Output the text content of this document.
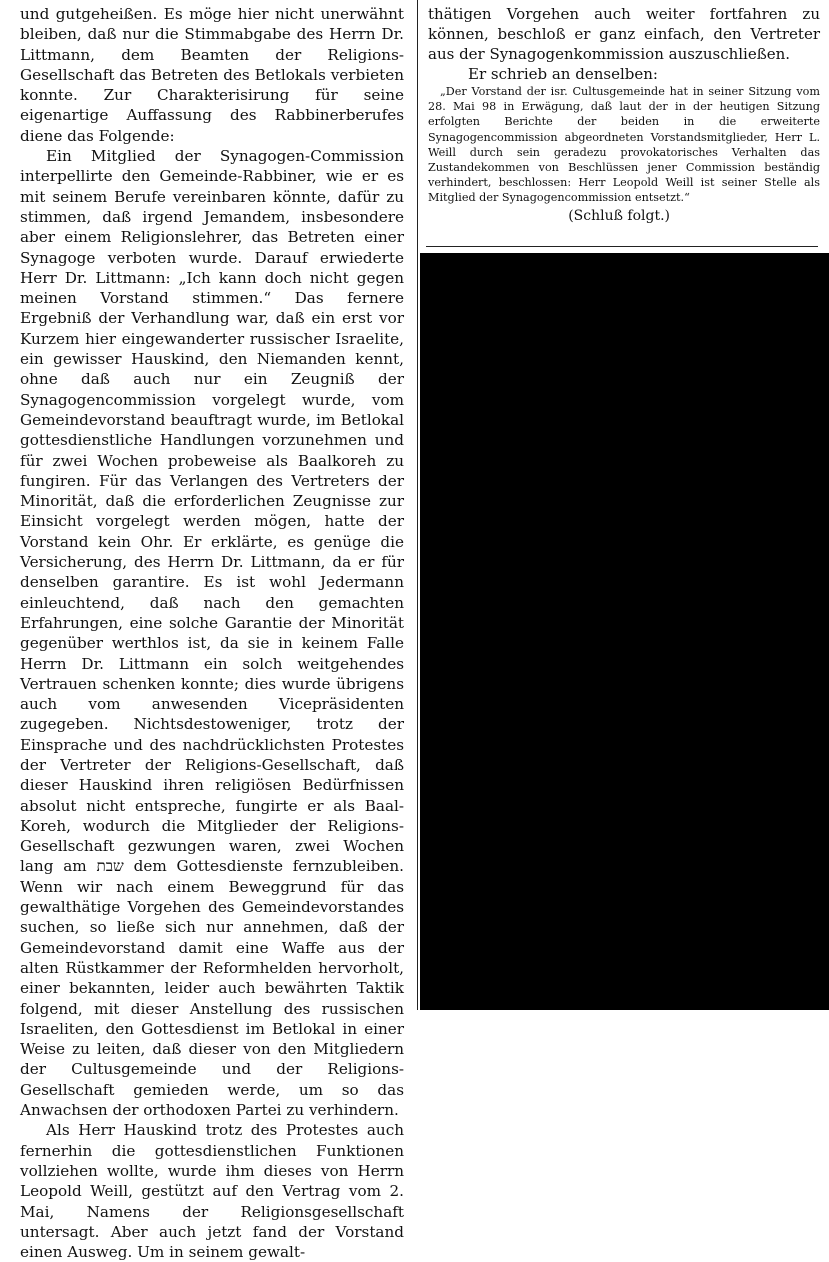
und gutgeheißen. Es möge hier nicht unerwähnt bleiben, daß nur die Stimmabgabe des Herrn Dr. Littmann, dem Beamten der Religions-Gesellschaft das Betreten des Betlokals verbieten konnte. Zur Charakterisirung für seine eigenartige Auffassung des Rabbinerberufes diene das Folgende:

Ein Mitglied der Synagogen-Commission interpellirte den Gemeinde-Rabbiner, wie er es mit seinem Berufe vereinbaren könnte, dafür zu stimmen, daß irgend Jemandem, insbesondere aber einem Religionslehrer, das Betreten einer Synagoge verboten wurde. Darauf erwiederte Herr Dr. Littmann: „Ich kann doch nicht gegen meinen Vorstand stimmen.“ Das fernere Ergebniß der Verhandlung war, daß ein erst vor Kurzem hier eingewanderter russischer Israelite, ein gewisser Hauskind, den Niemanden kennt, ohne daß auch nur ein Zeugniß der Synagogencommission vorgelegt wurde, vom Gemeindevorstand beauftragt wurde, im Betlokal gottesdienstliche Handlungen vorzunehmen und für zwei Wochen probeweise als Baalkoreh zu fungiren. Für das Verlangen des Vertreters der Minorität, daß die erforderlichen Zeugnisse zur Einsicht vorgelegt werden mögen, hatte der Vorstand kein Ohr. Er erklärte, es genüge die Versicherung, des Herrn Dr. Littmann, da er für denselben garantire. Es ist wohl Jedermann einleuchtend, daß nach den gemachten Erfahrungen, eine solche Garantie der Minorität gegenüber werthlos ist, da sie in keinem Falle Herrn Dr. Littmann ein solch weitgehendes Vertrauen schenken konnte; dies wurde übrigens auch vom anwesenden Vicepräsidenten zugegeben. Nichtsdestoweniger, trotz der Einsprache und des nachdrücklichsten Protestes der Vertreter der Religions-Gesellschaft, daß dieser Hauskind ihren religiösen Bedürfnissen absolut nicht entspreche, fungirte er als Baal-Koreh, wodurch die Mitglieder der Religions-Gesellschaft gezwungen waren, zwei Wochen lang am שבת dem Gottesdienste fernzubleiben. Wenn wir nach einem Beweggrund für das gewalthätige Vorgehen des Gemeindevorstandes suchen, so ließe sich nur annehmen, daß der Gemeindevorstand damit eine Waffe aus der alten Rüstkammer der Reformhelden hervorholt, einer bekannten, leider auch bewährten Taktik folgend, mit dieser Anstellung des russischen Israeliten, den Gottesdienst im Betlokal in einer Weise zu leiten, daß dieser von den Mitgliedern der Cultusgemeinde und der Religions-Gesellschaft gemieden werde, um so das Anwachsen der orthodoxen Partei zu verhindern.

Als Herr Hauskind trotz des Protestes auch fernerhin die gottesdienstlichen Funktionen vollziehen wollte, wurde ihm dieses von Herrn Leopold Weill, gestützt auf den Vertrag vom 2. Mai, Namens der Religionsgesellschaft untersagt. Aber auch jetzt fand der Vorstand einen Ausweg. Um in seinem gewalt-

thätigen Vorgehen auch weiter fortfahren zu können, beschloß er ganz einfach, den Vertreter aus der Synagogenkommission auszuschließen.

Er schrieb an denselben:

„Der Vorstand der isr. Cultusgemeinde hat in seiner Sitzung vom 28. Mai 98 in Erwägung, daß laut der in der heutigen Sitzung erfolgten Berichte der beiden in die erweiterte Synagogencommission abgeordneten Vorstandsmitglieder, Herr L. Weill durch sein geradezu provokatorisches Verhalten das Zustandekommen von Beschlüssen jener Commission beständig verhindert, beschlossen: Herr Leopold Weill ist seiner Stelle als Mitglied der Synagogencommission entsetzt.“

(Schluß folgt.)
